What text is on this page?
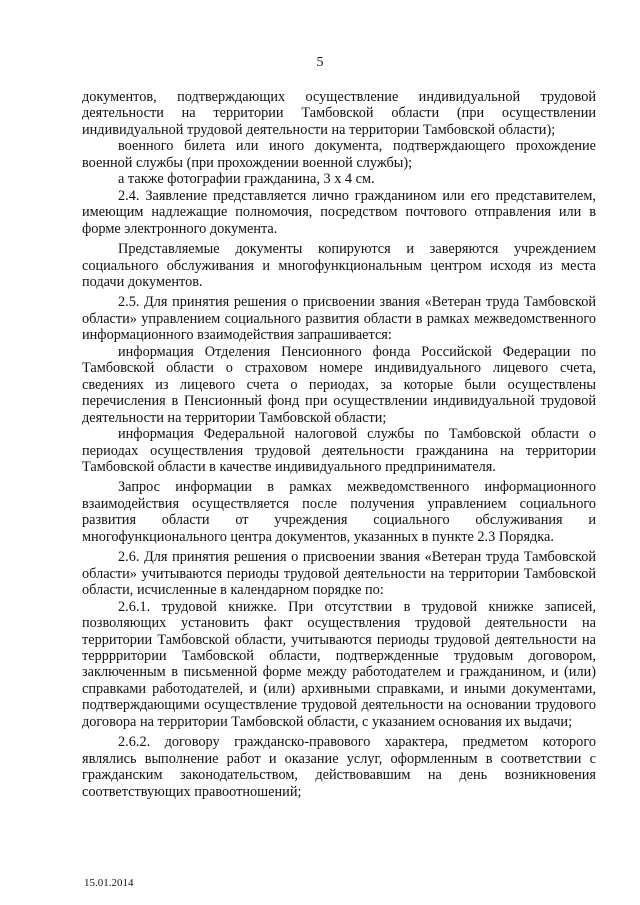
5

документов, подтверждающих осуществление индивидуальной трудовой деятельности на территории Тамбовской области (при осуществлении индивидуальной трудовой деятельности на территории Тамбовской области);

военного билета или иного документа, подтверждающего прохождение военной службы (при прохождении военной службы);

а также фотографии гражданина, 3 х 4 см.

2.4. Заявление представляется лично гражданином или его представителем, имеющим надлежащие полномочия, посредством почтового отправления или в форме электронного документа.

Представляемые документы копируются и заверяются учреждением социального обслуживания и многофункциональным центром исходя из места подачи документов.

2.5. Для принятия решения о присвоении звания «Ветеран труда Тамбовской области» управлением социального развития области в рамках межведомственного информационного взаимодействия запрашивается:

информация Отделения Пенсионного фонда Российской Федерации по Тамбовской области о страховом номере индивидуального лицевого счета, сведениях из лицевого счета о периодах, за которые были осуществлены перечисления в Пенсионный фонд при осуществлении индивидуальной трудовой деятельности на территории Тамбовской области;

информация Федеральной налоговой службы по Тамбовской области о периодах осуществления трудовой деятельности гражданина на территории Тамбовской области в качестве индивидуального предпринимателя.

Запрос информации в рамках межведомственного информационного взаимодействия осуществляется после получения управлением социального развития области от учреждения социального обслуживания и многофункционального центра документов, указанных в пункте 2.3 Порядка.

2.6. Для принятия решения о присвоении звания «Ветеран труда Тамбовской области» учитываются периоды трудовой деятельности на территории Тамбовской области, исчисленные в календарном порядке по:

2.6.1. трудовой книжке. При отсутствии в трудовой книжке записей, позволяющих установить факт осуществления трудовой деятельности на территории Тамбовской области, учитываются периоды трудовой деятельности на терррритории Тамбовской области, подтвержденные трудовым договором, заключенным в письменной форме между работодателем и гражданином, и (или) справками работодателей, и (или) архивными справками, и иными документами, подтверждающими осуществление трудовой деятельности на основании трудового договора на территории Тамбовской области, с указанием основания их выдачи;

2.6.2. договору гражданско-правового характера, предметом которого являлись выполнение работ и оказание услуг, оформленным в соответствии с гражданским законодательством, действовавшим на день возникновения соответствующих правоотношений;

15.01.2014
